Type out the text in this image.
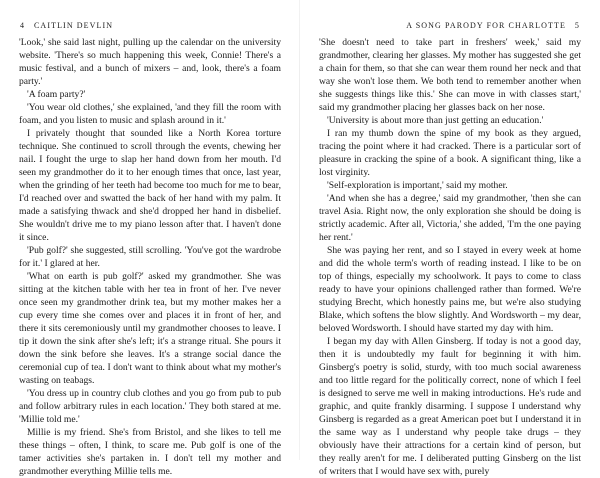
4 CAITLIN DEVLIN

'Look,' she said last night, pulling up the calendar on the university website. 'There's so much happening this week, Connie! There's a music festival, and a bunch of mixers – and, look, there's a foam party.'

'A foam party?'

'You wear old clothes,' she explained, 'and they fill the room with foam, and you listen to music and splash around in it.'

I privately thought that sounded like a North Korea torture technique. She continued to scroll through the events, chewing her nail. I fought the urge to slap her hand down from her mouth. I'd seen my grandmother do it to her enough times that once, last year, when the grinding of her teeth had become too much for me to bear, I'd reached over and swatted the back of her hand with my palm. It made a satisfying thwack and she'd dropped her hand in disbelief. She wouldn't drive me to my piano lesson after that. I haven't done it since.

'Pub golf?' she suggested, still scrolling. 'You've got the wardrobe for it.' I glared at her.

'What on earth is pub golf?' asked my grandmother. She was sitting at the kitchen table with her tea in front of her. I've never once seen my grandmother drink tea, but my mother makes her a cup every time she comes over and places it in front of her, and there it sits ceremoniously until my grandmother chooses to leave. I tip it down the sink after she's left; it's a strange ritual. She pours it down the sink before she leaves. It's a strange social dance the ceremonial cup of tea. I don't want to think about what my mother's wasting on teabags.

'You dress up in country club clothes and you go from pub to pub and follow arbitrary rules in each location.' They both stared at me. 'Millie told me.'

Millie is my friend. She's from Bristol, and she likes to tell me these things – often, I think, to scare me. Pub golf is one of the tamer activities she's partaken in. I don't tell my mother and grandmother everything Millie tells me.

A SONG PARODY FOR CHARLOTTE 5

'She doesn't need to take part in freshers' week,' said my grandmother, clearing her glasses. My mother has suggested she get a chain for them, so that she can wear them round her neck and that way she won't lose them. We both tend to remember another when she suggests things like this.' She can move in with classes start,' said my grandmother placing her glasses back on her nose.

'University is about more than just getting an education.'

I ran my thumb down the spine of my book as they argued, tracing the point where it had cracked. There is a particular sort of pleasure in cracking the spine of a book. A significant thing, like a lost virginity.

'Self-exploration is important,' said my mother.

'And when she has a degree,' said my grandmother, 'then she can travel Asia. Right now, the only exploration she should be doing is strictly academic. After all, Victoria,' she added, 'I'm the one paying her rent.'

She was paying her rent, and so I stayed in every week at home and did the whole term's worth of reading instead. I like to be on top of things, especially my schoolwork. It pays to come to class ready to have your opinions challenged rather than formed. We're studying Brecht, which honestly pains me, but we're also studying Blake, which softens the blow slightly. And Wordsworth – my dear, beloved Wordsworth. I should have started my day with him.

I began my day with Allen Ginsberg. If today is not a good day, then it is undoubtedly my fault for beginning it with him. Ginsberg's poetry is solid, sturdy, with too much social awareness and too little regard for the politically correct, none of which I feel is designed to serve me well in making introductions. He's rude and graphic, and quite frankly disarming. I suppose I understand why Ginsberg is regarded as a great American poet but I understand it in the same way as I understand why people take drugs – they obviously have their attractions for a certain kind of person, but they really aren't for me. I deliberated putting Ginsberg on the list of writers that I would have sex with, purely
